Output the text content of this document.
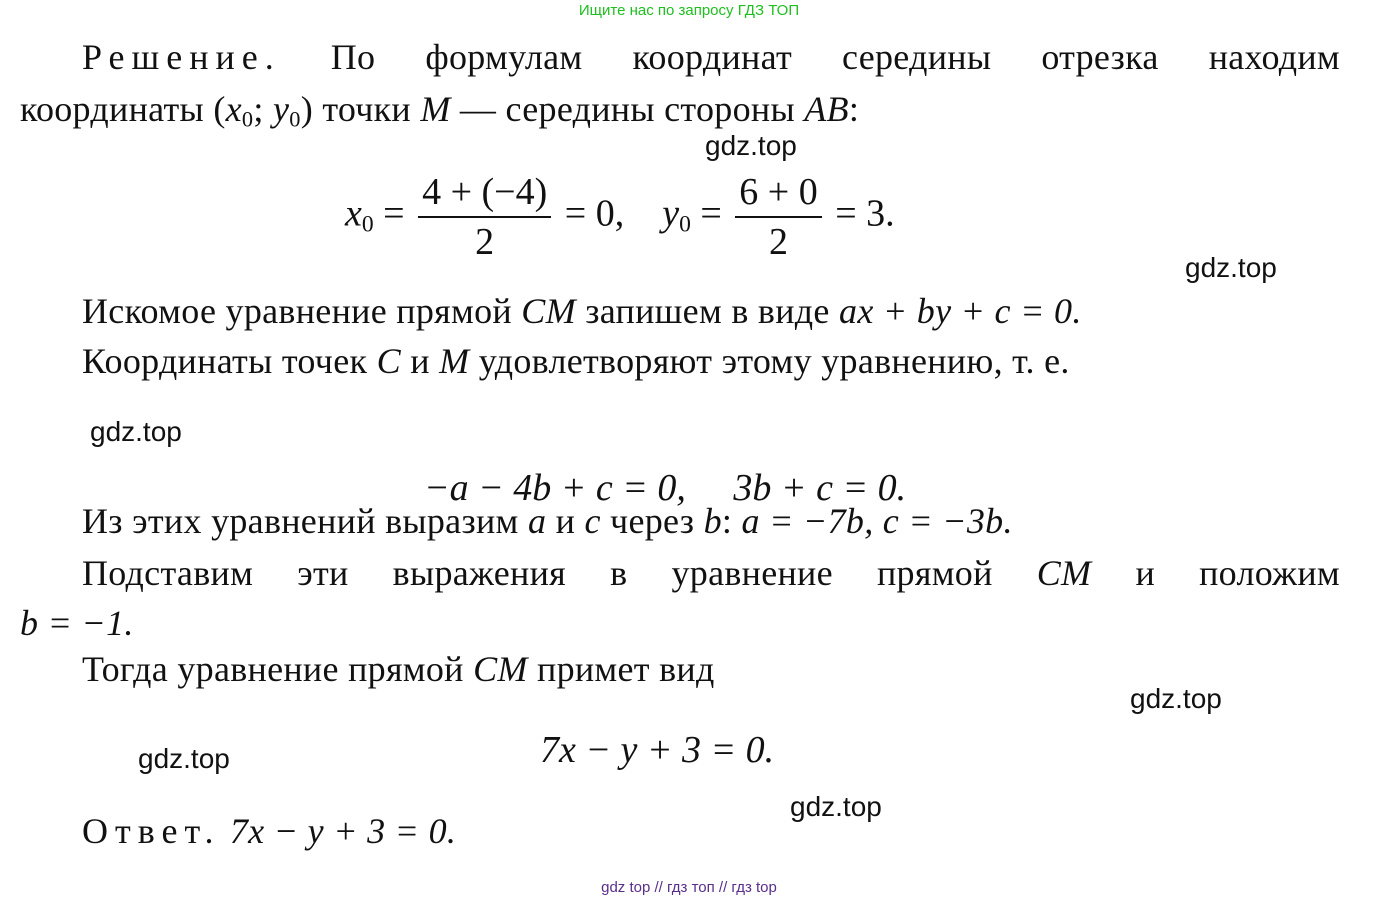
Ищите нас по запросу ГДЗ ТОП
Решение. По формулам координат середины отрезка находим
координаты ($x_0$; $y_0$) точки M — середины стороны AB:
$x_0 = \frac{4 + (-4)}{2} = 0$, $y_0 = \frac{6 + 0}{2} = 3$.
Искомое уравнение прямой CM запишем в виде ax + by + c = 0.
Координаты точек C и M удовлетворяют этому уравнению, т. е.

−a − 4b + c = 0,     3b + c = 0.

Из этих уравнений выразим a и c через b: a = −7b, c = −3b.
Подставим эти выражения в уравнение прямой CM и положим
b = −1.
Тогда уравнение прямой CM примет вид
7x − y + 3 = 0.
Ответ. 7x − y + 3 = 0.
gdz.top
gdz.top
gdz.top
gdz.top
gdz.top
gdz.top
gdz top // гдз топ // гдз top
